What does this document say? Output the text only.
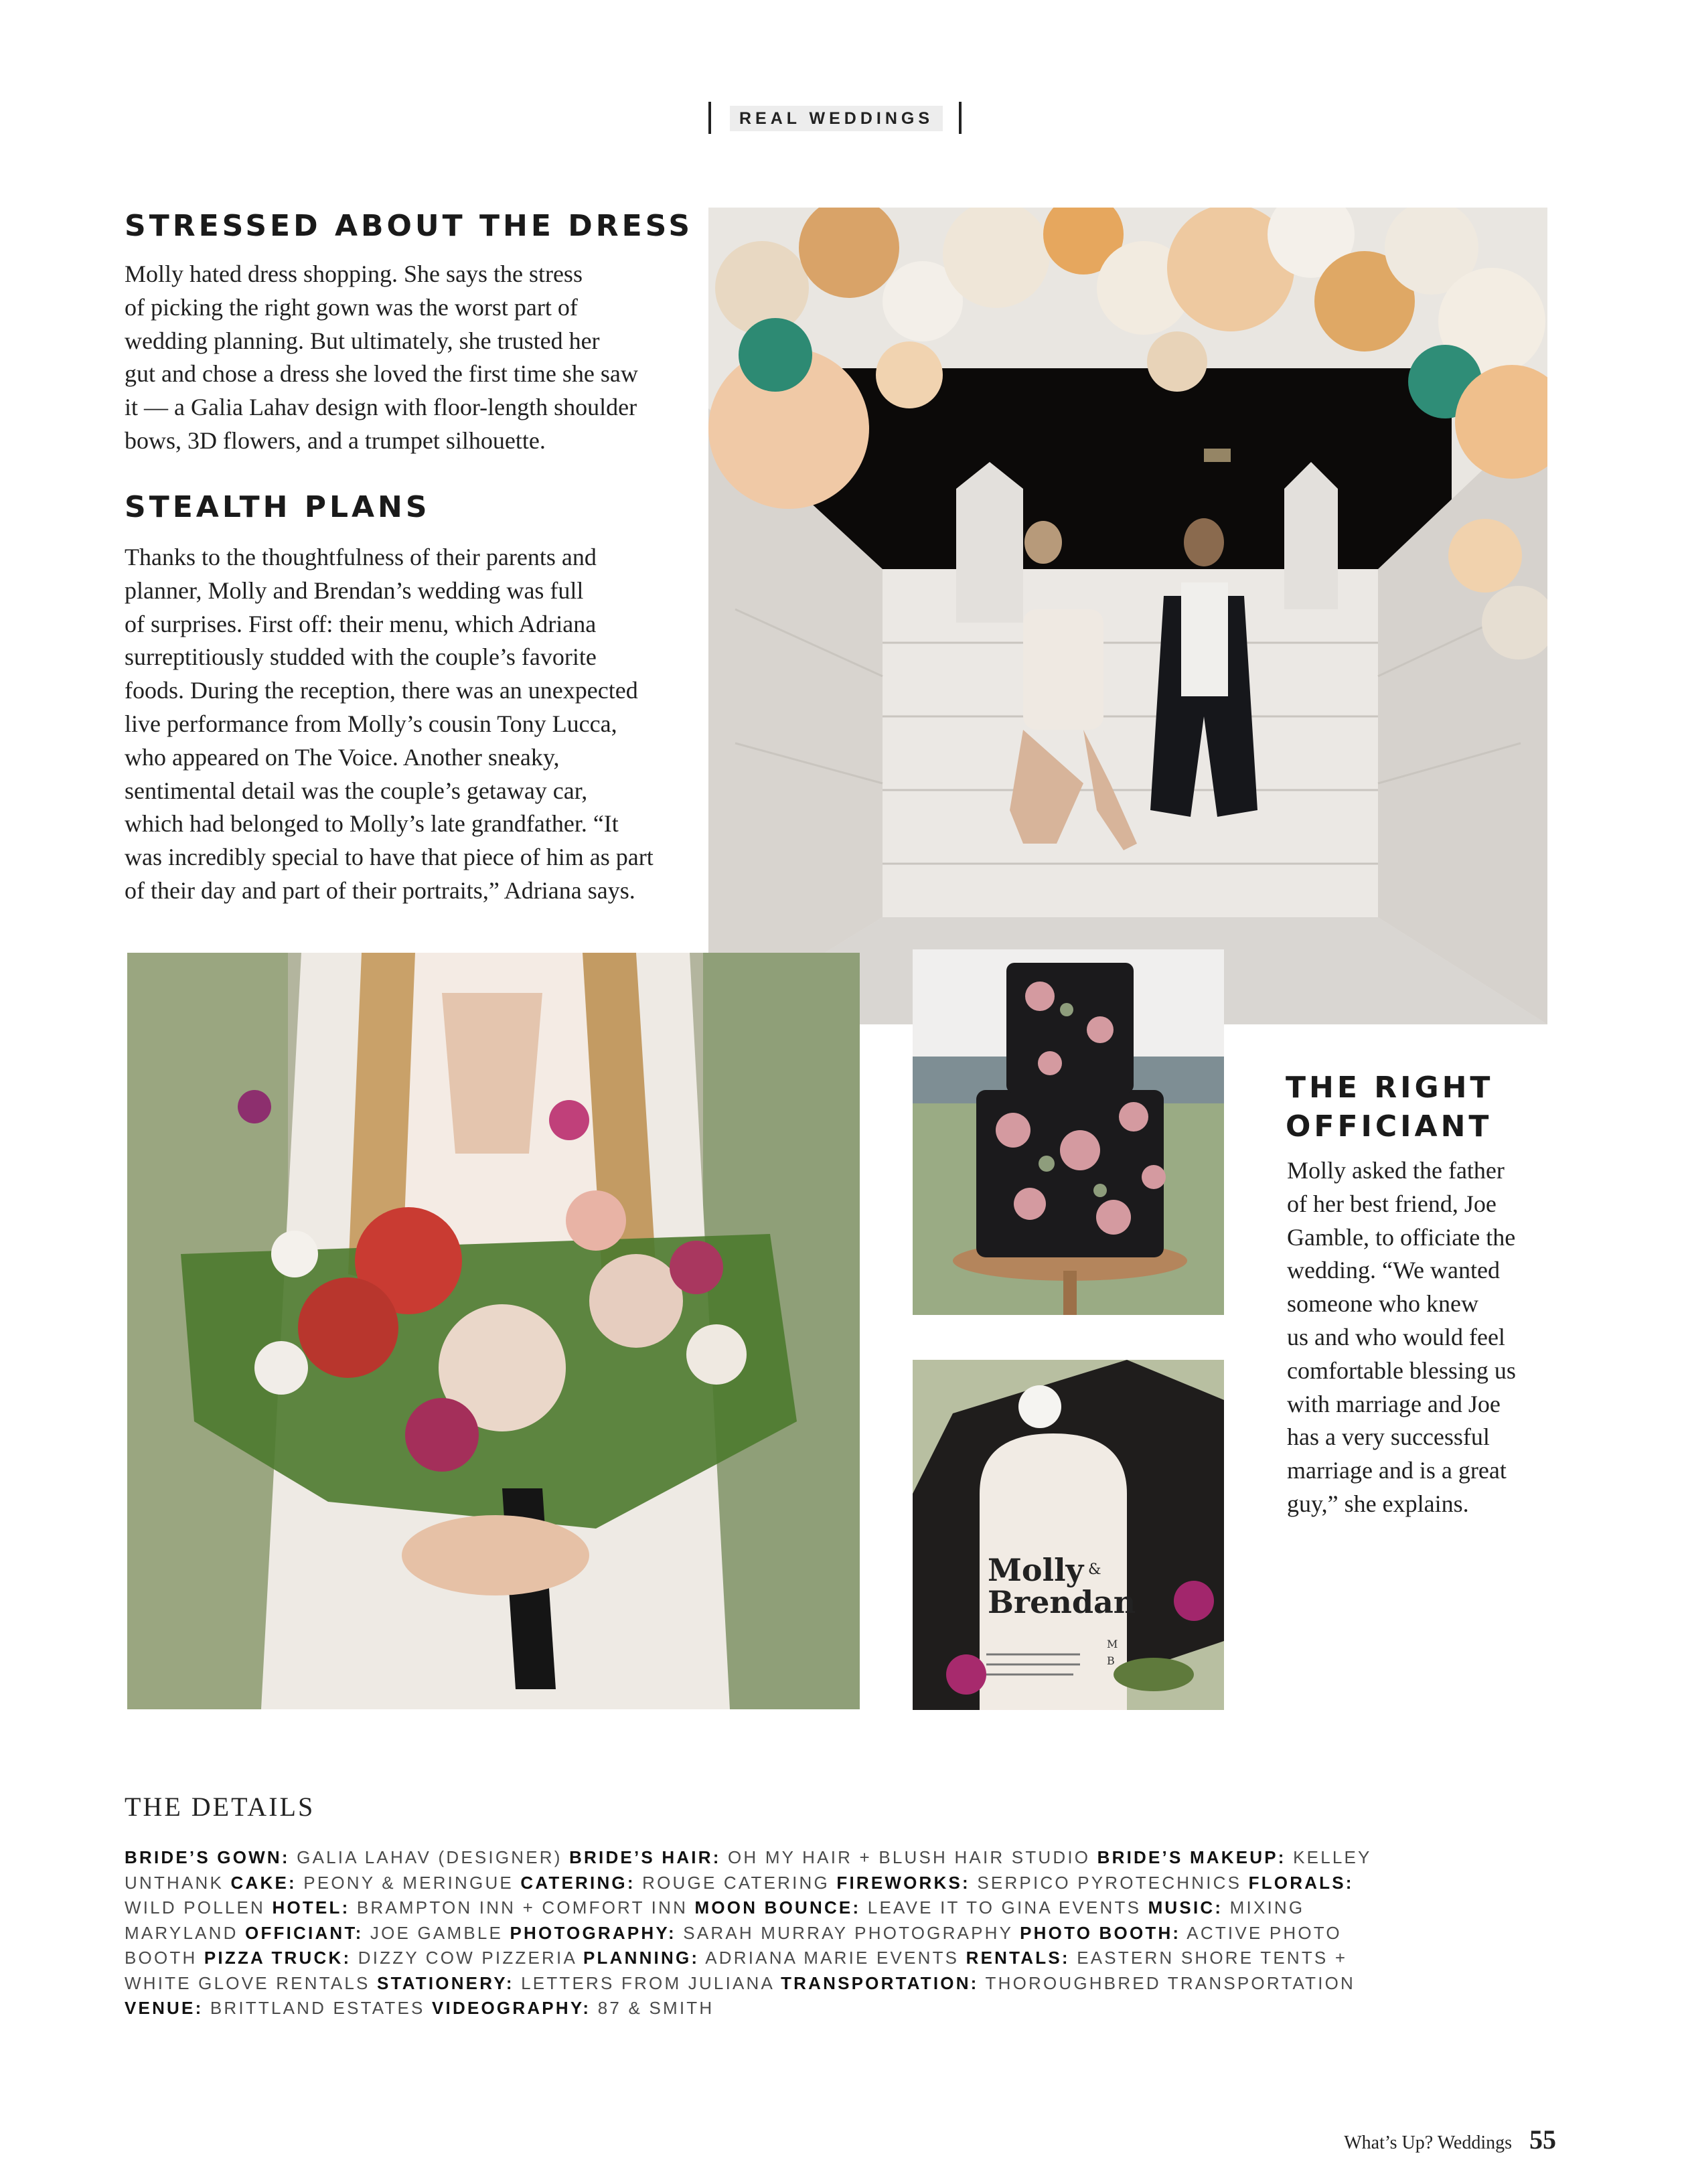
REAL WEDDINGS
STRESSED ABOUT THE DRESS
Molly hated dress shopping. She says the stress
of picking the right gown was the worst part of
wedding planning. But ultimately, she trusted her
gut and chose a dress she loved the first time she saw
it — a Galia Lahav design with floor-length shoulder
bows, 3D flowers, and a trumpet silhouette.
STEALTH PLANS
Thanks to the thoughtfulness of their parents and
planner, Molly and Brendan’s wedding was full
of surprises. First off: their menu, which Adriana
surreptitiously studded with the couple’s favorite
foods. During the reception, there was an unexpected
live performance from Molly’s cousin Tony Lucca,
who appeared on The Voice. Another sneaky,
sentimental detail was the couple’s getaway car,
which had belonged to Molly’s late grandfather. “It
was incredibly special to have that piece of him as part
of their day and part of their portraits,” Adriana says.
Molly &
Brendan
M
B
THE RIGHT
OFFICIANT
Molly asked the father
of her best friend, Joe
Gamble, to officiate the
wedding. “We wanted
someone who knew
us and who would feel
comfortable blessing us
with marriage and Joe
has a very successful
marriage and is a great
guy,” she explains.
THE DETAILS
BRIDE’S GOWN: GALIA LAHAV (DESIGNER) BRIDE’S HAIR: OH MY HAIR + BLUSH HAIR STUDIO BRIDE’S MAKEUP: KELLEY UNTHANK CAKE: PEONY & MERINGUE CATERING: ROUGE CATERING FIREWORKS: SERPICO PYROTECHNICS FLORALS: WILD POLLEN HOTEL: BRAMPTON INN + COMFORT INN MOON BOUNCE: LEAVE IT TO GINA EVENTS MUSIC: MIXING MARYLAND OFFICIANT: JOE GAMBLE PHOTOGRAPHY: SARAH MURRAY PHOTOGRAPHY PHOTO BOOTH: ACTIVE PHOTO BOOTH PIZZA TRUCK: DIZZY COW PIZZERIA PLANNING: ADRIANA MARIE EVENTS RENTALS: EASTERN SHORE TENTS + WHITE GLOVE RENTALS STATIONERY: LETTERS FROM JULIANA TRANSPORTATION: THOROUGHBRED TRANSPORTATION VENUE: BRITTLAND ESTATES VIDEOGRAPHY: 87 & SMITH
What’s Up? Weddings 55
